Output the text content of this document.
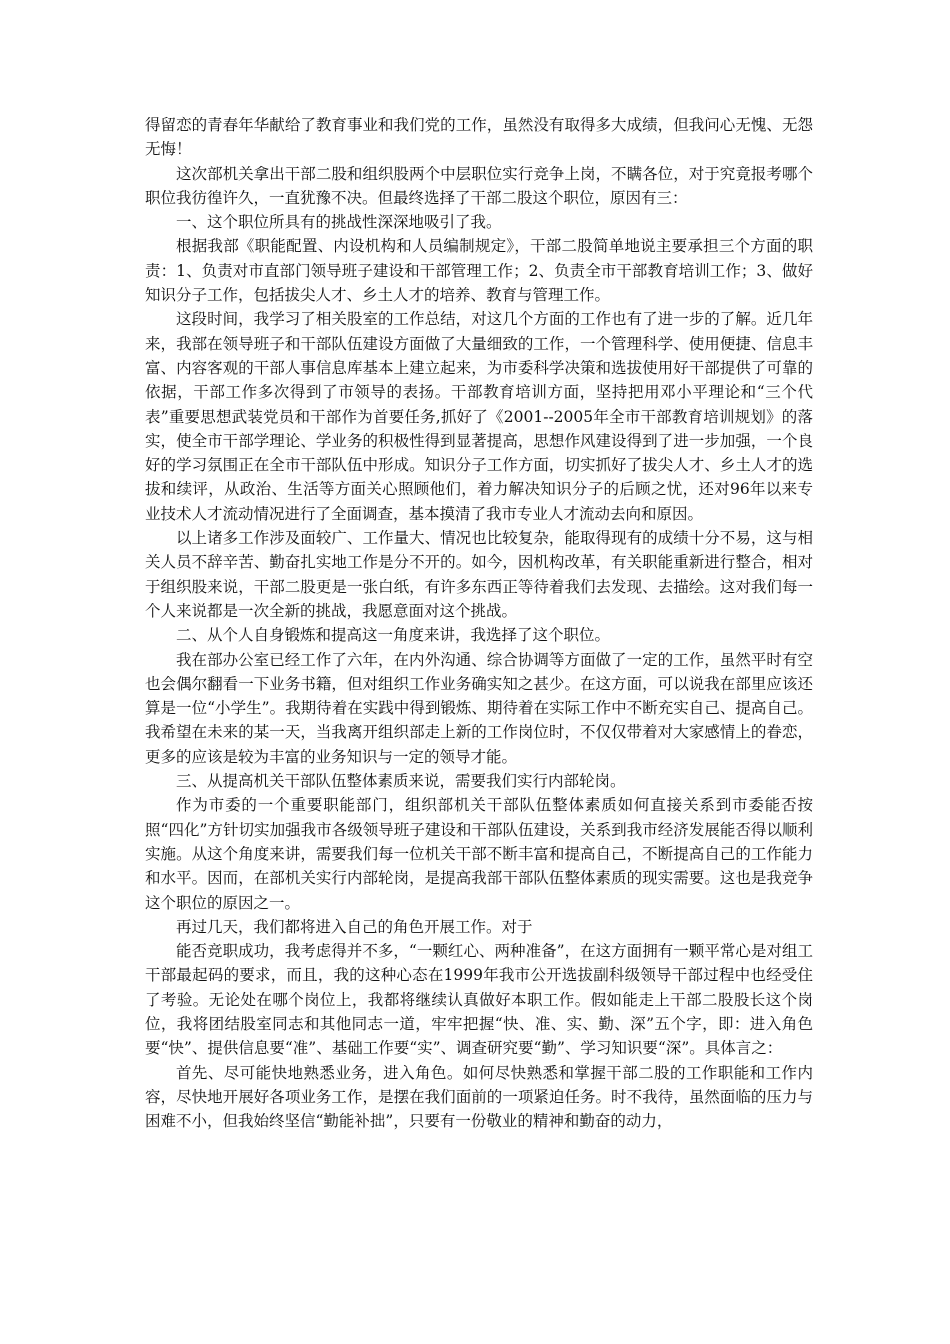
得留恋的青春年华献给了教育事业和我们党的工作，虽然没有取得多大成绩，但我问心无愧、无怨无悔！

这次部机关拿出干部二股和组织股两个中层职位实行竞争上岗，不瞒各位，对于究竟报考哪个职位我彷徨许久，一直犹豫不决。但最终选择了干部二股这个职位，原因有三：

一、这个职位所具有的挑战性深深地吸引了我。

根据我部《职能配置、内设机构和人员编制规定》，干部二股简单地说主要承担三个方面的职责：1、负责对市直部门领导班子建设和干部管理工作；2、负责全市干部教育培训工作；3、做好知识分子工作，包括拔尖人才、乡土人才的培养、教育与管理工作。

这段时间，我学习了相关股室的工作总结，对这几个方面的工作也有了进一步的了解。近几年来，我部在领导班子和干部队伍建设方面做了大量细致的工作，一个管理科学、使用便捷、信息丰富、内容客观的干部人事信息库基本上建立起来，为市委科学决策和选拔使用好干部提供了可靠的依据，干部工作多次得到了市领导的表扬。干部教育培训方面，坚持把用邓小平理论和“三个代表”重要思想武装党员和干部作为首要任务,抓好了《2001--2005年全市干部教育培训规划》的落实，使全市干部学理论、学业务的积极性得到显著提高，思想作风建设得到了进一步加强，一个良好的学习氛围正在全市干部队伍中形成。知识分子工作方面，切实抓好了拔尖人才、乡土人才的选拔和续评，从政治、生活等方面关心照顾他们，着力解决知识分子的后顾之忧，还对96年以来专业技术人才流动情况进行了全面调查，基本摸清了我市专业人才流动去向和原因。

以上诸多工作涉及面较广、工作量大、情况也比较复杂，能取得现有的成绩十分不易，这与相关人员不辞辛苦、勤奋扎实地工作是分不开的。如今，因机构改革，有关职能重新进行整合，相对于组织股来说，干部二股更是一张白纸，有许多东西正等待着我们去发现、去描绘。这对我们每一个人来说都是一次全新的挑战，我愿意面对这个挑战。

二、从个人自身锻炼和提高这一角度来讲，我选择了这个职位。

我在部办公室已经工作了六年，在内外沟通、综合协调等方面做了一定的工作，虽然平时有空也会偶尔翻看一下业务书籍，但对组织工作业务确实知之甚少。在这方面，可以说我在部里应该还算是一位“小学生”。我期待着在实践中得到锻炼、期待着在实际工作中不断充实自己、提高自己。我希望在未来的某一天，当我离开组织部走上新的工作岗位时，不仅仅带着对大家感情上的眷恋，更多的应该是较为丰富的业务知识与一定的领导才能。

三、从提高机关干部队伍整体素质来说，需要我们实行内部轮岗。

作为市委的一个重要职能部门，组织部机关干部队伍整体素质如何直接关系到市委能否按照“四化”方针切实加强我市各级领导班子建设和干部队伍建设，关系到我市经济发展能否得以顺利实施。从这个角度来讲，需要我们每一位机关干部不断丰富和提高自己，不断提高自己的工作能力和水平。因而，在部机关实行内部轮岗，是提高我部干部队伍整体素质的现实需要。这也是我竞争这个职位的原因之一。

再过几天，我们都将进入自己的角色开展工作。对于

能否竞职成功，我考虑得并不多，“一颗红心、两种准备”，在这方面拥有一颗平常心是对组工干部最起码的要求，而且，我的这种心态在1999年我市公开选拔副科级领导干部过程中也经受住了考验。无论处在哪个岗位上，我都将继续认真做好本职工作。假如能走上干部二股股长这个岗位，我将团结股室同志和其他同志一道，牢牢把握“快、准、实、勤、深”五个字，即：进入角色要“快”、提供信息要“准”、基础工作要“实”、调查研究要“勤”、学习知识要“深”。具体言之：

首先、尽可能快地熟悉业务，进入角色。如何尽快熟悉和掌握干部二股的工作职能和工作内容，尽快地开展好各项业务工作，是摆在我们面前的一项紧迫任务。时不我待，虽然面临的压力与困难不小，但我始终坚信“勤能补拙”，只要有一份敬业的精神和勤奋的动力，
